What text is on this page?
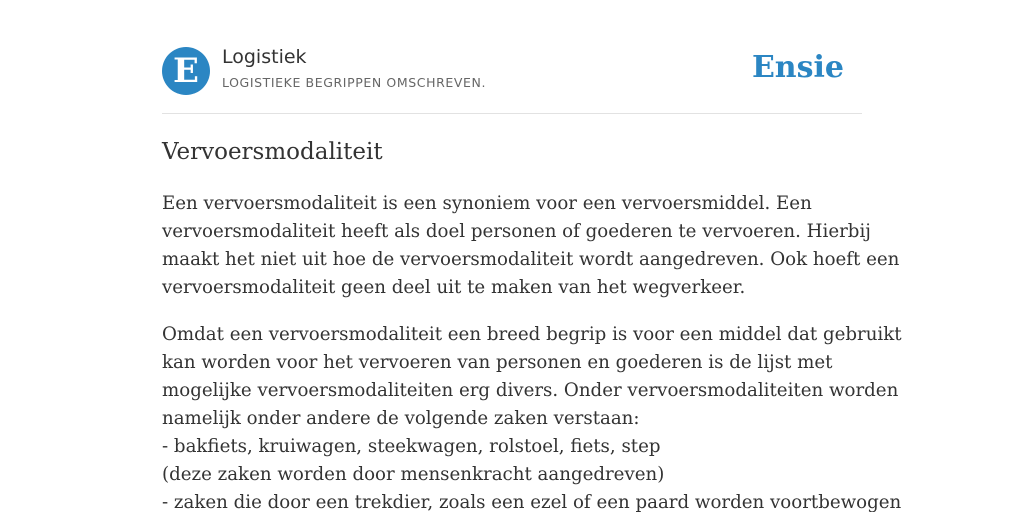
E Logistiek
LOGISTIEKE BEGRIPPEN OMSCHREVEN.	Ensie
Vervoersmodaliteit

Een vervoersmodaliteit is een synoniem voor een vervoersmiddel. Een
vervoersmodaliteit heeft als doel personen of goederen te vervoeren. Hierbij
maakt het niet uit hoe de vervoersmodaliteit wordt aangedreven. Ook hoeft een
vervoersmodaliteit geen deel uit te maken van het wegverkeer.

Omdat een vervoersmodaliteit een breed begrip is voor een middel dat gebruikt
kan worden voor het vervoeren van personen en goederen is de lijst met
mogelijke vervoersmodaliteiten erg divers. Onder vervoersmodaliteiten worden
namelijk onder andere de volgende zaken verstaan:
- bakfiets, kruiwagen, steekwagen, rolstoel, fiets, step
(deze zaken worden door mensenkracht aangedreven)
- zaken die door een trekdier, zoals een ezel of een paard worden voortbewogen
